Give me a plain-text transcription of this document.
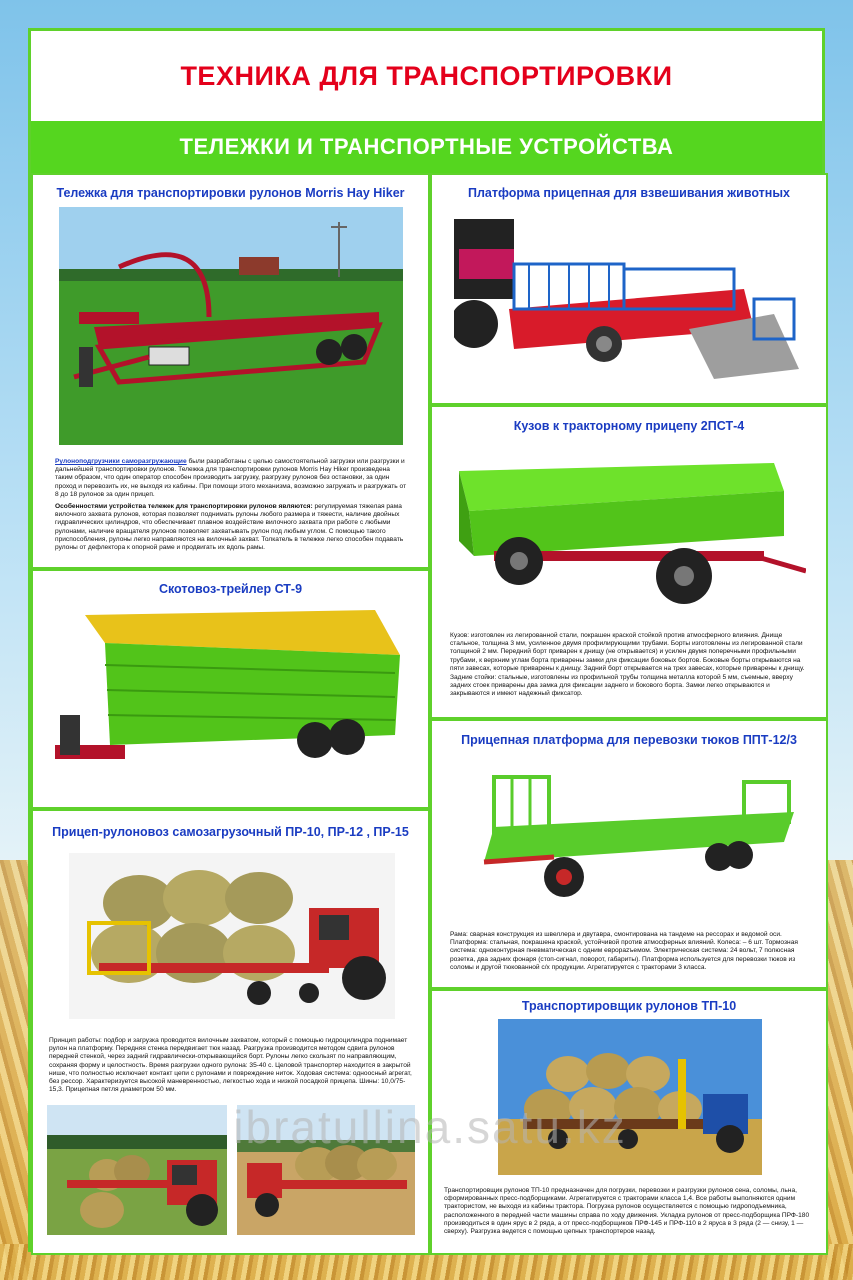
ТЕХНИКА ДЛЯ ТРАНСПОРТИРОВКИ
ТЕЛЕЖКИ И ТРАНСПОРТНЫЕ УСТРОЙСТВА
Тележка для транспортировки рулонов Morris Hay Hiker

Рулоноподгрузчики саморазгружающие были разработаны с целью самостоятельной загрузки или разгрузки и дальнейшей транспортировки рулонов. Тележка для транспортировки рулонов Morris Hay Hiker произведена таким образом, что один оператор способен производить загрузку, разгрузку рулонов без остановки, за один проход и перевозить их, не выходя из кабины. При помощи этого механизма, возможно загружать и разгружать от 8 до 18 рулонов за один прицеп.

Особенностями устройства тележек для транспортировки рулонов являются: регулируемая тяжелая рама вилочного захвата рулонов, которая позволяет поднимать рулоны любого размера и тяжести, наличие двойных гидравлических цилиндров, что обеспечивает плавное воздействие вилочного захвата при работе с любыми рулонами, наличие вращателя рулонов позволяет захватывать рулон под любым углом. С помощью такого приспособления, рулоны легко направляются на вилочный захват. Толкатель в тележке легко способен подавать рулоны от дефлектора к опорной раме и продвигать их вдоль рамы.

Платформа прицепная для взвешивания животных
Кузов к тракторному прицепу 2ПСТ-4

Кузов: изготовлен из легированной стали, покрашен краской стойкой против атмосферного влияния. Днище стальное, толщина 3 мм, усиленное двумя профилирующими трубами. Борты изготовлены из легированной стали толщиной 2 мм. Передний борт приварен к днищу (не открывается) и усилен двумя поперечными профильными трубами, к верхним углам борта приварены замки для фиксации боковых бортов. Боковые борты открываются на пяти завесах, которые приварены к днищу. Задний борт открывается на трех завесах, которые приварены к днищу.

Задние стойки: стальные, изготовлены из профильной трубы толщина металла которой 5 мм, съемные, вверху задних стоек приварены два замка для фиксации заднего и бокового борта. Замки легко открываются и закрываются и имеют надежный фиксатор.

Скотовоз-трейлер СТ-9
Прицепная платформа для перевозки тюков ППТ-12/3

Рама: сварная конструкция из швеллера и двутавра, смонтирована на тандеме на рессорах и ведомой оси. Платформа: стальная, покрашена краской, устойчивой против атмосферных влияний. Колеса: – 6 шт. Тормозная система: одноконтурная пневматическая с одним еврорazъемом. Электрическая система: 24 вольт, 7 полюсная розетка, два задних фонаря (стоп-сигнал, поворот, габариты). Платформа используется для перевозки тюков из соломы и другой тюкованной с/х продукции. Агрегатируется с тракторами 3 класса.

Прицеп-рулоновоз самозагрузочный ПР-10, ПР-12 , ПР-15

Принцип работы: подбор и загрузка проводится вилочным захватом, который с помощью гидроцилиндра поднимает рулон на платформу. Передняя стенка передвигает тюк назад. Разгрузка производится методом сдвига рулонов передней стенкой, через задний гидравлически-открывающийся борт. Рулоны легко скользят по направляющим, сохраняя форму и целостность. Время разгрузки одного рулона: 35-40 с. Целовой транспортер находится в закрытой нише, что полностью исключает контакт цепи с рулонами и повреждение ниток. Ходовая система: одноосный агрегат, без рессор. Характеризуется высокой маневренностью, легкостью хода и низкой посадкой прицепа. Шины: 10,0/75-15,3. Прицепная петля диаметром 50 мм.

Транспортировщик рулонов ТП-10

Транспортировщик рулонов ТП-10 предназначен для погрузки, перевозки и разгрузки рулонов сена, соломы, льна, сформированных пресс-подборщиками. Агрегатируется с тракторами класса 1,4. Все работы выполняются одним трактористом, не выходя из кабины трактора. Погрузка рулонов осуществляется с помощью гидроподъемника, расположенного в передней части машины справа по ходу движения. Укладка рулонов от пресс-подборщика ПРФ-180 производиться в один ярус в 2 ряда, а от пресс-подборщиков ПРФ-145 и ПРФ-110 в 2 яруса в 3 ряда (2 — снизу, 1 — сверху). Разгрузка ведется с помощью цепных транспортеров назад.

ibratullina.satu.kz
